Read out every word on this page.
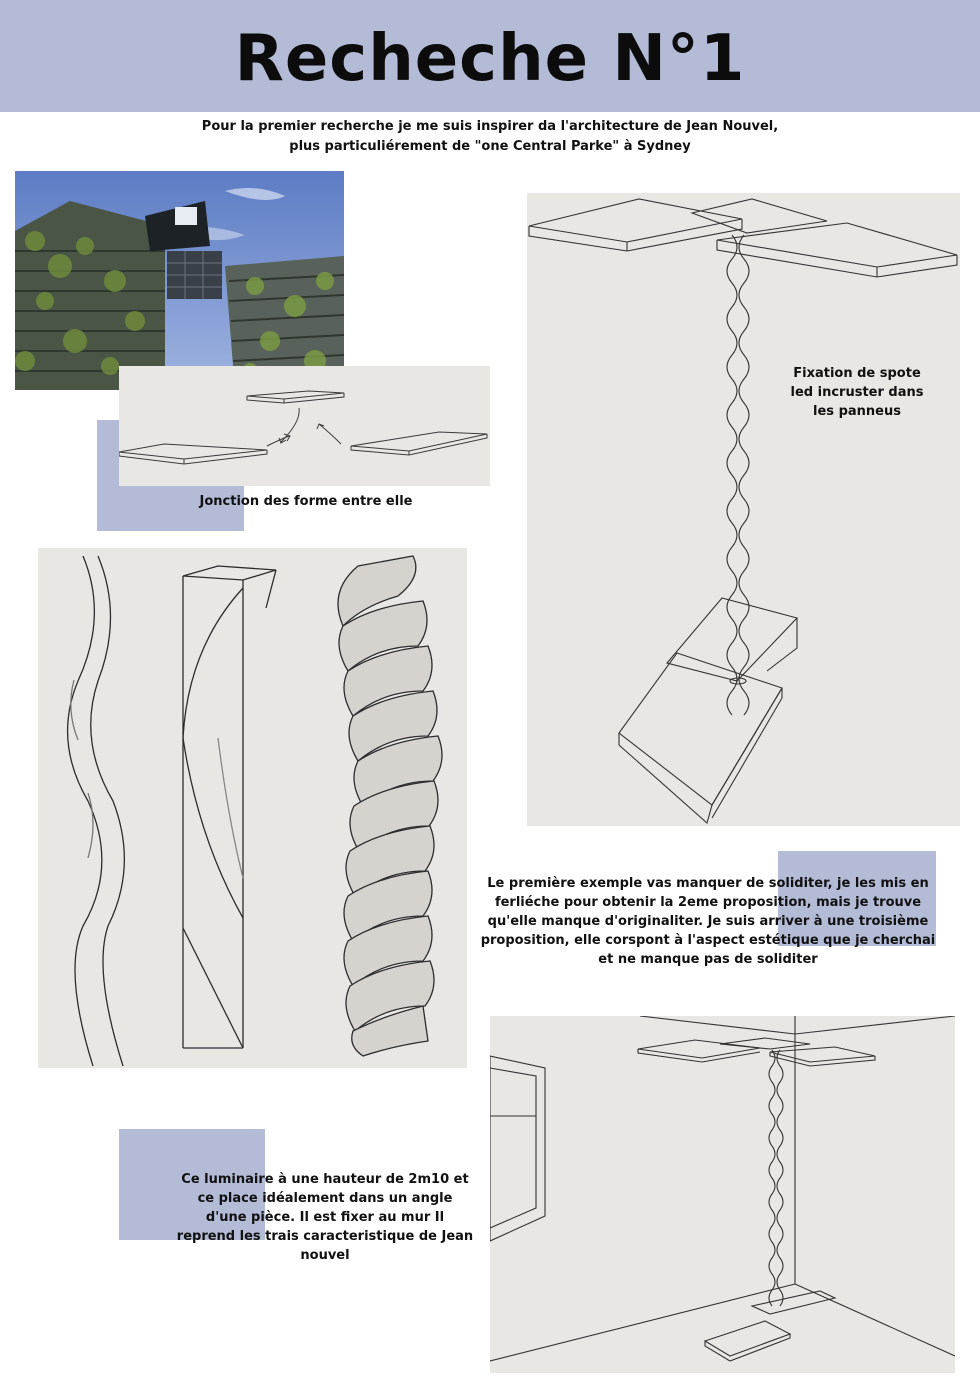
Recheche N°1
Pour la premier recherche je me suis inspirer da l'architecture de Jean Nouvel,
plus particuliérement de "one Central Parke" à Sydney
Jonction des forme entre elle
Fixation de spote
led incruster dans
les panneus
Le première exemple vas manquer de soliditer, je les mis en
ferliéche pour obtenir la 2eme proposition, mais je trouve
qu'elle manque d'originaliter. Je suis arriver à une troisième
proposition, elle corspont à l'aspect estétique que je cherchai
et ne manque pas de soliditer
Ce luminaire à une hauteur de 2m10 et
ce place idéalement dans un angle
d'une pièce. Il est fixer au mur Il
reprend les trais caracteristique de Jean
nouvel
